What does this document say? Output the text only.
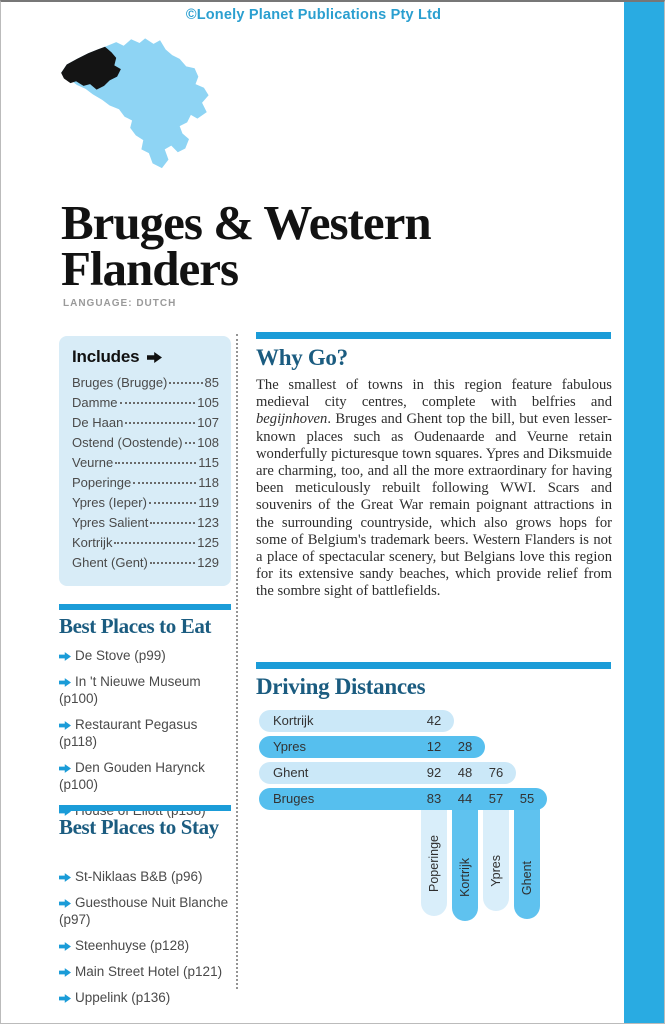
©Lonely Planet Publications Pty Ltd
Bruges & Western
Flanders
LANGUAGE: DUTCH
Includes
Bruges (Brugge)	85
Damme	105
De Haan	107
Ostend (Oostende) 108
Veurne	115
Poperinge	118
Ypres (Ieper)	119
Ypres Salient	123
Kortrijk	125
Ghent (Gent)	129
Best Places to Eat
De Stove (p99)
In 't Nieuwe Museum (p100)
Restaurant Pegasus (p118)
Den Gouden Harynck (p100)
Best Places to Stay
St-Niklaas B&B (p96)
Guesthouse Nuit Blanche (p97)
Steenhuyse (p128)
Main Street Hotel (p121)
Uppelink (p136)
Why Go?
The smallest of towns in this region feature fabulous medieval city centres, complete with belfries and begijnhoven. Bruges and Ghent top the bill, but even lesser-known places such as Oudenaarde and Veurne retain wonderfully picturesque town squares. Ypres and Diksmuide are charming, too, and all the more extraordinary for having been meticulously rebuilt following WWI. Scars and souvenirs of the Great War remain poignant attractions in the surrounding countryside, which also grows hops for some of Belgium's trademark beers. Western Flanders is not a place of spectacular scenery, but Belgians love this region for its extensive sandy beaches, which provide relief from the sombre sight of battlefields.
Driving Distances
Poperinge Kortrijk Ypres Ghent
Kortrijk	42
Ypres	12	28
Ghent	92	48	76
Bruges	83	44	57	55
